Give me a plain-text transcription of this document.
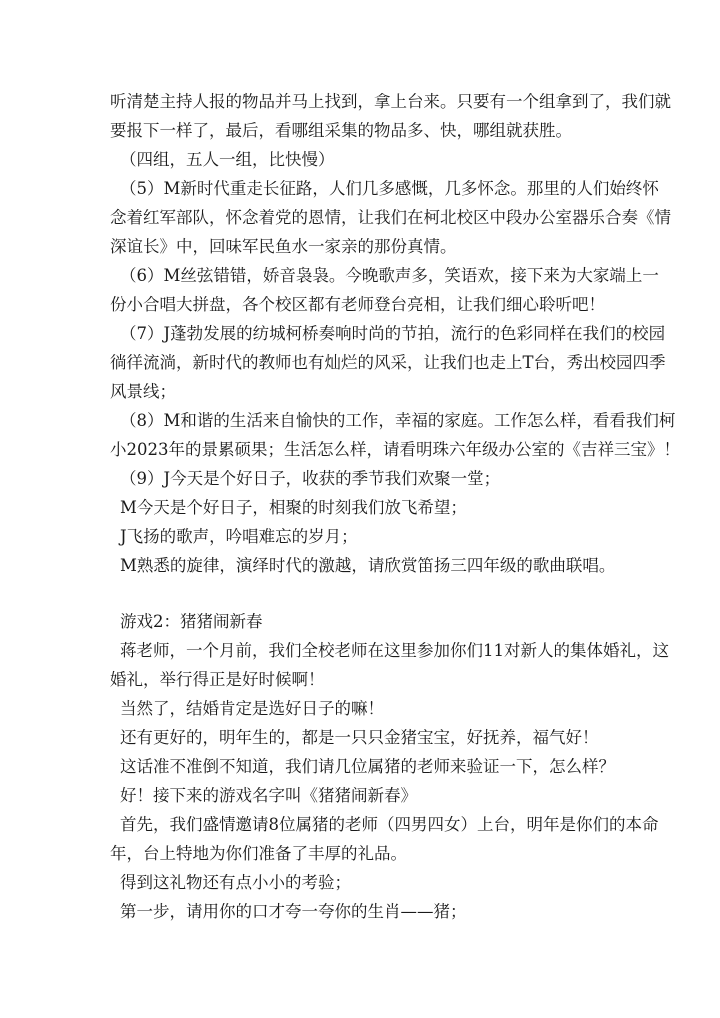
听清楚主持人报的物品并马上找到，拿上台来。只要有一个组拿到了，我们就
要报下一样了，最后，看哪组采集的物品多、快，哪组就获胜。
（四组，五人一组，比快慢）
（5）M新时代重走长征路，人们几多感慨，几多怀念。那里的人们始终怀
念着红军部队，怀念着党的恩情，让我们在柯北校区中段办公室器乐合奏《情
深谊长》中，回味军民鱼水一家亲的那份真情。
（6）M丝弦错错，娇音袅袅。今晚歌声多，笑语欢，接下来为大家端上一
份小合唱大拼盘，各个校区都有老师登台亮相，让我们细心聆听吧！
（7）J蓬勃发展的纺城柯桥奏响时尚的节拍，流行的色彩同样在我们的校园
徜徉流淌，新时代的教师也有灿烂的风采，让我们也走上T台，秀出校园四季
风景线；
（8）M和谐的生活来自愉快的工作，幸福的家庭。工作怎么样，看看我们柯
小2023年的景累硕果；生活怎么样，请看明珠六年级办公室的《吉祥三宝》！
（9）J今天是个好日子，收获的季节我们欢聚一堂；
M今天是个好日子，相聚的时刻我们放飞希望；
J飞扬的歌声，吟唱难忘的岁月；
M熟悉的旋律，演绎时代的激越，请欣赏笛扬三四年级的歌曲联唱。
游戏2：猪猪闹新春
蒋老师，一个月前，我们全校老师在这里参加你们11对新人的集体婚礼，这
婚礼，举行得正是好时候啊！
当然了，结婚肯定是选好日子的嘛！
还有更好的，明年生的，都是一只只金猪宝宝，好抚养，福气好！
这话准不准倒不知道，我们请几位属猪的老师来验证一下，怎么样？
好！接下来的游戏名字叫《猪猪闹新春》
首先，我们盛情邀请8位属猪的老师（四男四女）上台，明年是你们的本命
年，台上特地为你们准备了丰厚的礼品。
得到这礼物还有点小小的考验；
第一步，请用你的口才夸一夸你的生肖——猪；
